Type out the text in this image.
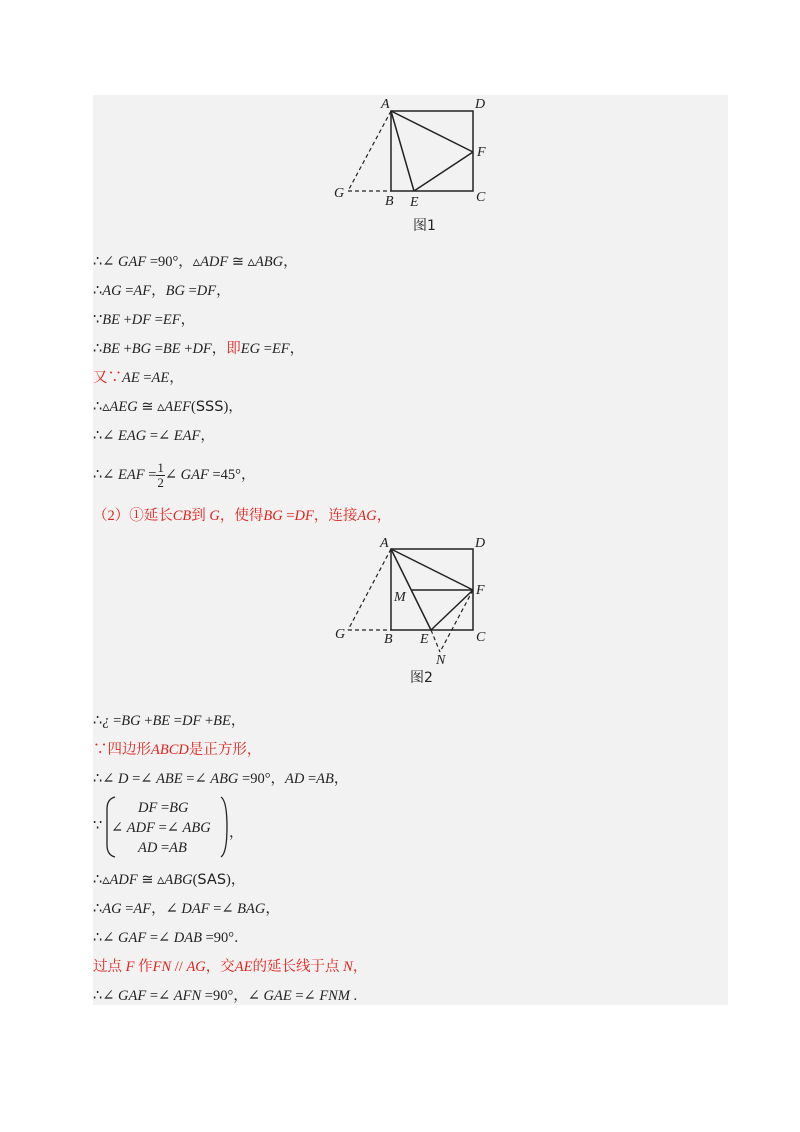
A	D
F
C
B E
G
图1
∴∠ GAF =90°，▵ADF ≅ ▵ABG，
∴AG =AF，BG =DF，
∵BE +DF =EF，
∴BE +BG =BE +DF，即EG =EF，
又∵AE =AE，
∴▵AEG ≅ ▵AEF(SSS)，
∴∠ EAG =∠ EAF，
∴∠ EAF = $\frac{1}{2}$ ∠ GAF =45°，
（2）①延长CB到 G，使得BG =DF，连接AG，
A	D
F
M
C
B E
G
N
图2
∴¿ =BG +BE =DF +BE，
∵四边形ABCD是正方形，
∴∠ D =∠ ABE =∠ ABG =90°，AD =AB，
∵
DF =BG
∠ ADF =∠ ABG
AD =AB
，
∴▵ADF ≅ ▵ABG(SAS)，
∴AG =AF，∠ DAF =∠ BAG，
∴∠ GAF =∠ DAB =90°．
过点 F 作FN // AG，交AE的延长线于点 N，
∴∠ GAF =∠ AFN =90°，∠ GAE =∠ FNM .
